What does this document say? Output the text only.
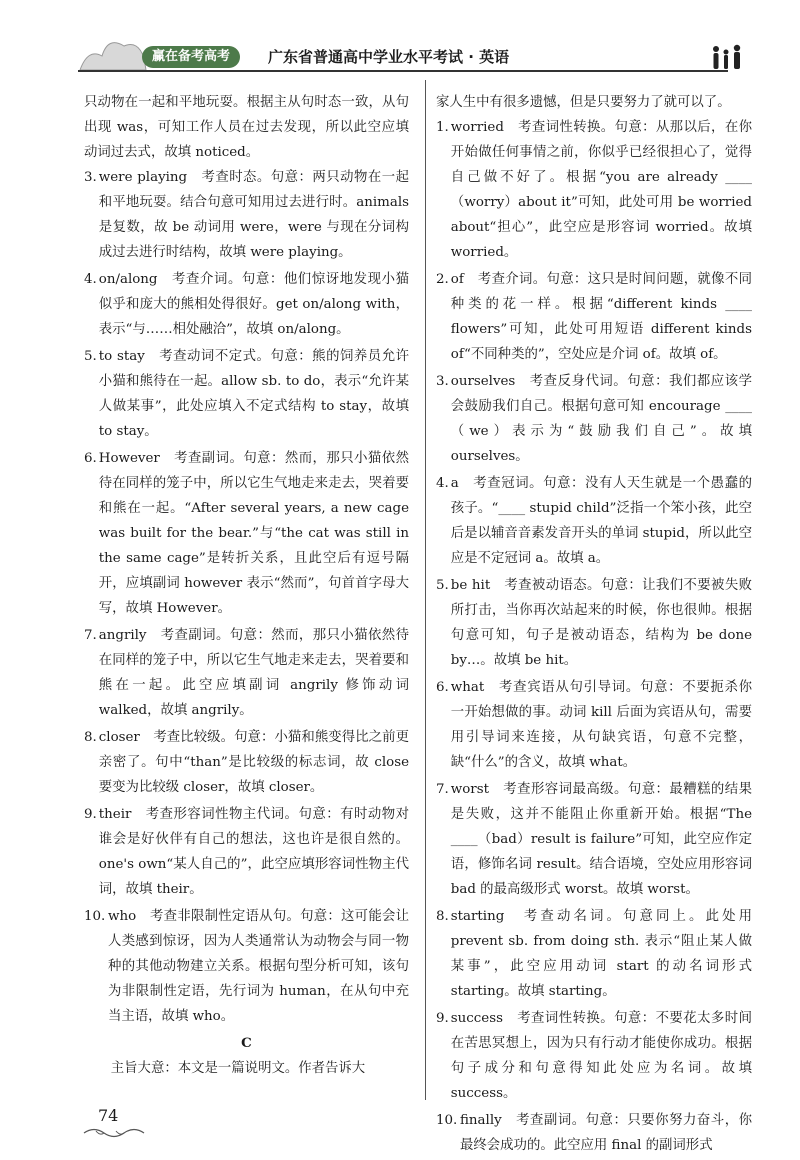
赢在备考高考	广东省普通高中学业水平考试 · 英语

只动物在一起和平地玩耍。根据主从句时态一致，从句出现 was，可知工作人员在过去发现，所以此空应填动词过去式，故填 noticed。

3. were playing　考查时态。句意：两只动物在一起和平地玩耍。结合句意可知用过去进行时。animals 是复数，故 be 动词用 were，were 与现在分词构成过去进行时结构，故填 were playing。
4. on/along　考查介词。句意：他们惊讶地发现小猫似乎和庞大的熊相处得很好。get on/along with，表示“与……相处融洽”，故填 on/along。
5. to stay　考查动词不定式。句意：熊的饲养员允许小猫和熊待在一起。allow sb. to do，表示“允许某人做某事”，此处应填入不定式结构 to stay，故填 to stay。
6. However　考查副词。句意：然而，那只小猫依然待在同样的笼子中，所以它生气地走来走去，哭着要和熊在一起。“After several years, a new cage was built for the bear.”与“the cat was still in the same cage”是转折关系，且此空后有逗号隔开，应填副词 however 表示“然而”，句首首字母大写，故填 However。
7. angrily　考查副词。句意：然而，那只小猫依然待在同样的笼子中，所以它生气地走来走去，哭着要和熊在一起。此空应填副词 angrily 修饰动词 walked，故填 angrily。
8. closer　考查比较级。句意：小猫和熊变得比之前更亲密了。句中“than”是比较级的标志词，故 close 要变为比较级 closer，故填 closer。
9. their　考查形容词性物主代词。句意：有时动物对谁会是好伙伴有自己的想法，这也许是很自然的。one's own“某人自己的”，此空应填形容词性物主代词，故填 their。
10. who　考查非限制性定语从句。句意：这可能会让人类感到惊讶，因为人类通常认为动物会与同一物种的其他动物建立关系。根据句型分析可知，该句为非限制性定语，先行词为 human，在从句中充当主语，故填 who。
C

　　主旨大意：本文是一篇说明文。作者告诉大

家人生中有很多遗憾，但是只要努力了就可以了。

1. worried　考查词性转换。句意：从那以后，在你开始做任何事情之前，你似乎已经很担心了，觉得自己做不好了。根据“you are already ____（worry）about it”可知，此处可用 be worried about“担心”，此空应是形容词 worried。故填 worried。
2. of　考查介词。句意：这只是时间问题，就像不同种类的花一样。根据“different kinds ____ flowers”可知，此处可用短语 different kinds of“不同种类的”，空处应是介词 of。故填 of。
3. ourselves　考查反身代词。句意：我们都应该学会鼓励我们自己。根据句意可知 encourage ____（we）表示为“鼓励我们自己”。故填 ourselves。
4. a　考查冠词。句意：没有人天生就是一个愚蠢的孩子。“____ stupid child”泛指一个笨小孩，此空后是以辅音音素发音开头的单词 stupid，所以此空应是不定冠词 a。故填 a。
5. be hit　考查被动语态。句意：让我们不要被失败所打击，当你再次站起来的时候，你也很帅。根据句意可知，句子是被动语态，结构为 be done by…。故填 be hit。
6. what　考查宾语从句引导词。句意：不要扼杀你一开始想做的事。动词 kill 后面为宾语从句，需要用引导词来连接，从句缺宾语，句意不完整，缺“什么”的含义，故填 what。
7. worst　考查形容词最高级。句意：最糟糕的结果是失败，这并不能阻止你重新开始。根据“The ____（bad）result is failure”可知，此空应作定语，修饰名词 result。结合语境，空处应用形容词 bad 的最高级形式 worst。故填 worst。
8. starting　考查动名词。句意同上。此处用 prevent sb. from doing sth. 表示“阻止某人做某事”，此空应用动词 start 的动名词形式 starting。故填 starting。
9. success　考查词性转换。句意：不要花太多时间在苦思冥想上，因为只有行动才能使你成功。根据句子成分和句意得知此处应为名词。故填 success。
10. finally　考查副词。句意：只要你努力奋斗，你最终会成功的。此空应用 final 的副词形式
74
